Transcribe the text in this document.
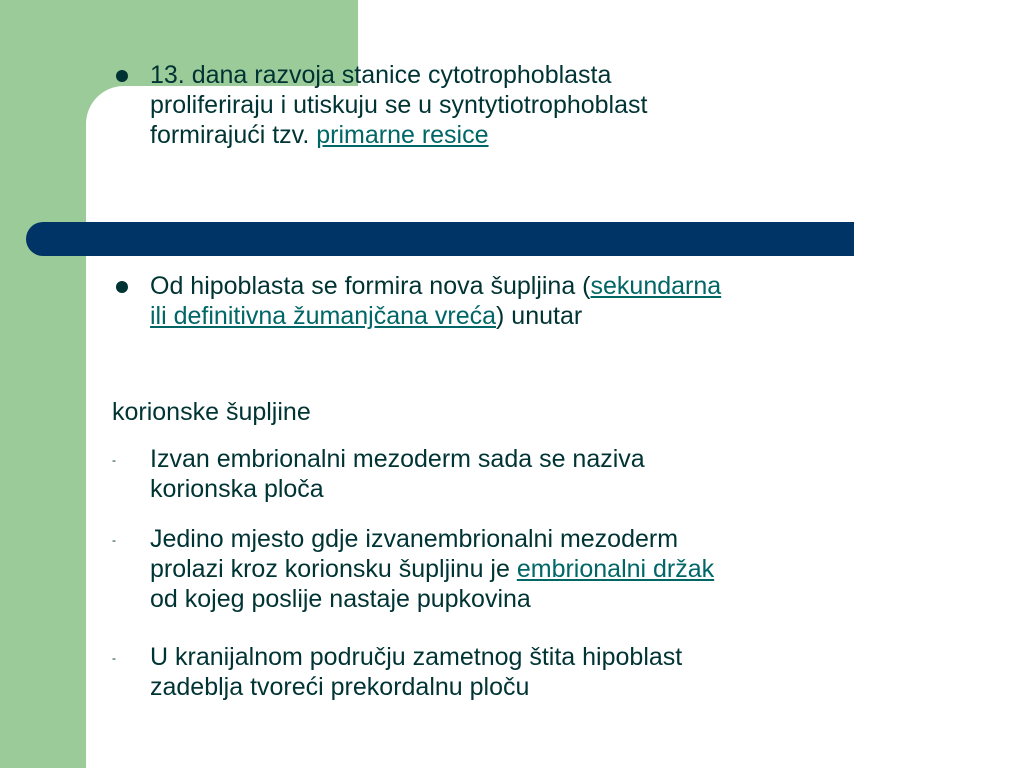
13. dana razvoja stanice cytotrophoblasta
proliferiraju i utiskuju se u syntytiotrophoblast
formirajući tzv. primarne resice
Od hipoblasta se formira nova šupljina (sekundarna
ili definitivna žumanjčana vreća) unutar
korionske šupljine
- Izvan embrionalni mezoderm sada se naziva
korionska ploča
- Jedino mjesto gdje izvanembrionalni mezoderm
prolazi kroz korionsku šupljinu je embrionalni držak
od kojeg poslije nastaje pupkovina
- U kranijalnom području zametnog štita hipoblast
zadeblja tvoreći prekordalnu ploču
